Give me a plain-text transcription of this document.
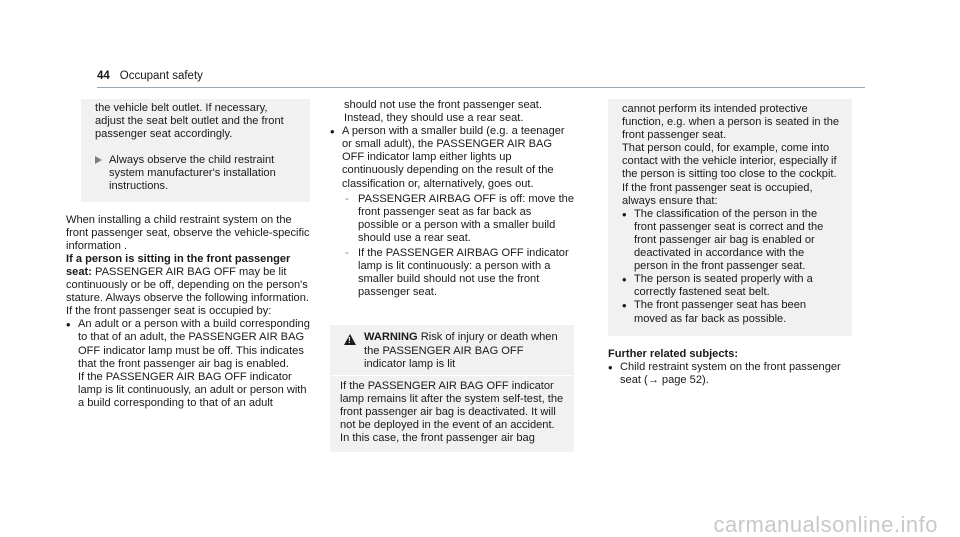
44 Occupant safety

the vehicle belt outlet. If necessary, adjust the seat belt outlet and the front passenger seat accordingly.

Always observe the child restraint system manufacturer's installation instructions.

When installing a child restraint system on the front passenger seat, observe the vehicle-specific information .

If a person is sitting in the front passenger seat: PASSENGER AIR BAG OFF may be lit continuously or be off, depending on the person's stature. Always observe the following information.

If the front passenger seat is occupied by:

• An adult or a person with a build corresponding to that of an adult, the PASSENGER AIR BAG OFF indicator lamp must be off. This indicates that the front passenger air bag is enabled.

If the PASSENGER AIR BAG OFF indicator lamp is lit continuously, an adult or person with a build corresponding to that of an adult

should not use the front passenger seat. Instead, they should use a rear seat.

• A person with a smaller build (e.g. a teenager or small adult), the PASSENGER AIR BAG OFF indicator lamp either lights up continuously depending on the result of the classification or, alternatively, goes out.
- PASSENGER AIRBAG OFF is off: move the front passenger seat as far back as possible or a person with a smaller build should use a rear seat.
- If the PASSENGER AIRBAG OFF indicator lamp is lit continuously: a person with a smaller build should not use the front passenger seat.
!
WARNING Risk of injury or death when the PASSENGER AIR BAG OFF indicator lamp is lit

If the PASSENGER AIR BAG OFF indicator lamp remains lit after the system self-test, the front passenger air bag is deactivated. It will not be deployed in the event of an accident. In this case, the front passenger air bag

cannot perform its intended protective function, e.g. when a person is seated in the front passenger seat.

That person could, for example, come into contact with the vehicle interior, especially if the person is sitting too close to the cockpit.

If the front passenger seat is occupied, always ensure that:

• The classification of the person in the front passenger seat is correct and the front passenger air bag is enabled or deactivated in accordance with the person in the front passenger seat.
• The person is seated properly with a correctly fastened seat belt.
• The front passenger seat has been moved as far back as possible.

Further related subjects:

• Child restraint system on the front passenger seat (→ page 52).
carmanualsonline.info
